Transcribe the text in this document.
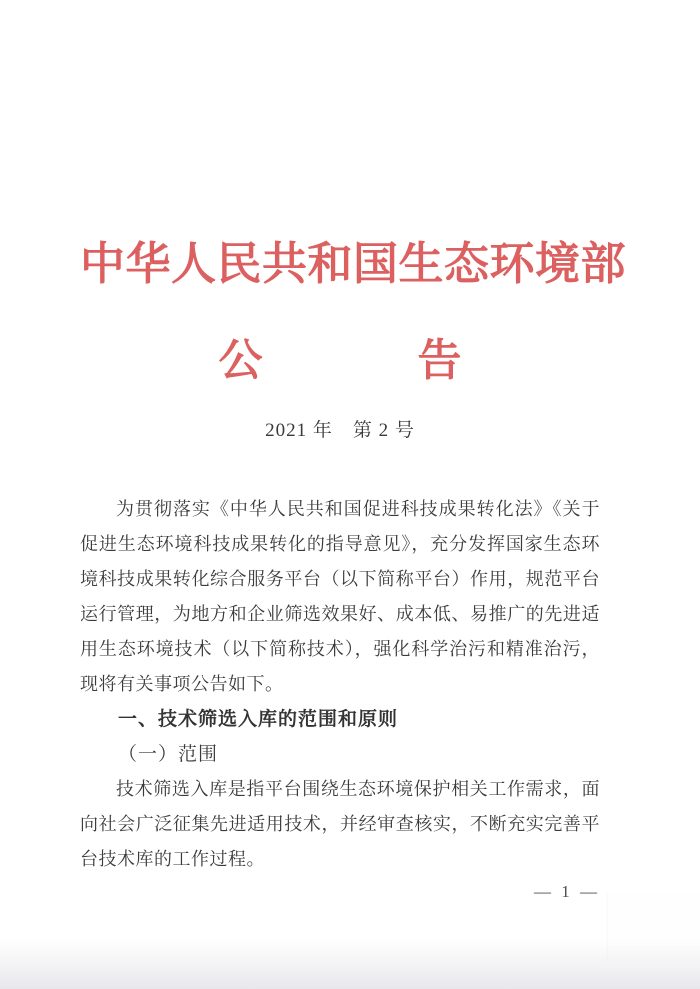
中华人民共和国生态环境部
公	告
2021 年　第 2 号

为贯彻落实《中华人民共和国促进科技成果转化法》《关于促进生态环境科技成果转化的指导意见》，充分发挥国家生态环境科技成果转化综合服务平台（以下简称平台）作用，规范平台运行管理，为地方和企业筛选效果好、成本低、易推广的先进适用生态环境技术（以下简称技术），强化科学治污和精准治污，现将有关事项公告如下。

一、技术筛选入库的范围和原则
（一）范围

技术筛选入库是指平台围绕生态环境保护相关工作需求，面向社会广泛征集先进适用技术，并经审查核实，不断充实完善平台技术库的工作过程。

— 1 —
